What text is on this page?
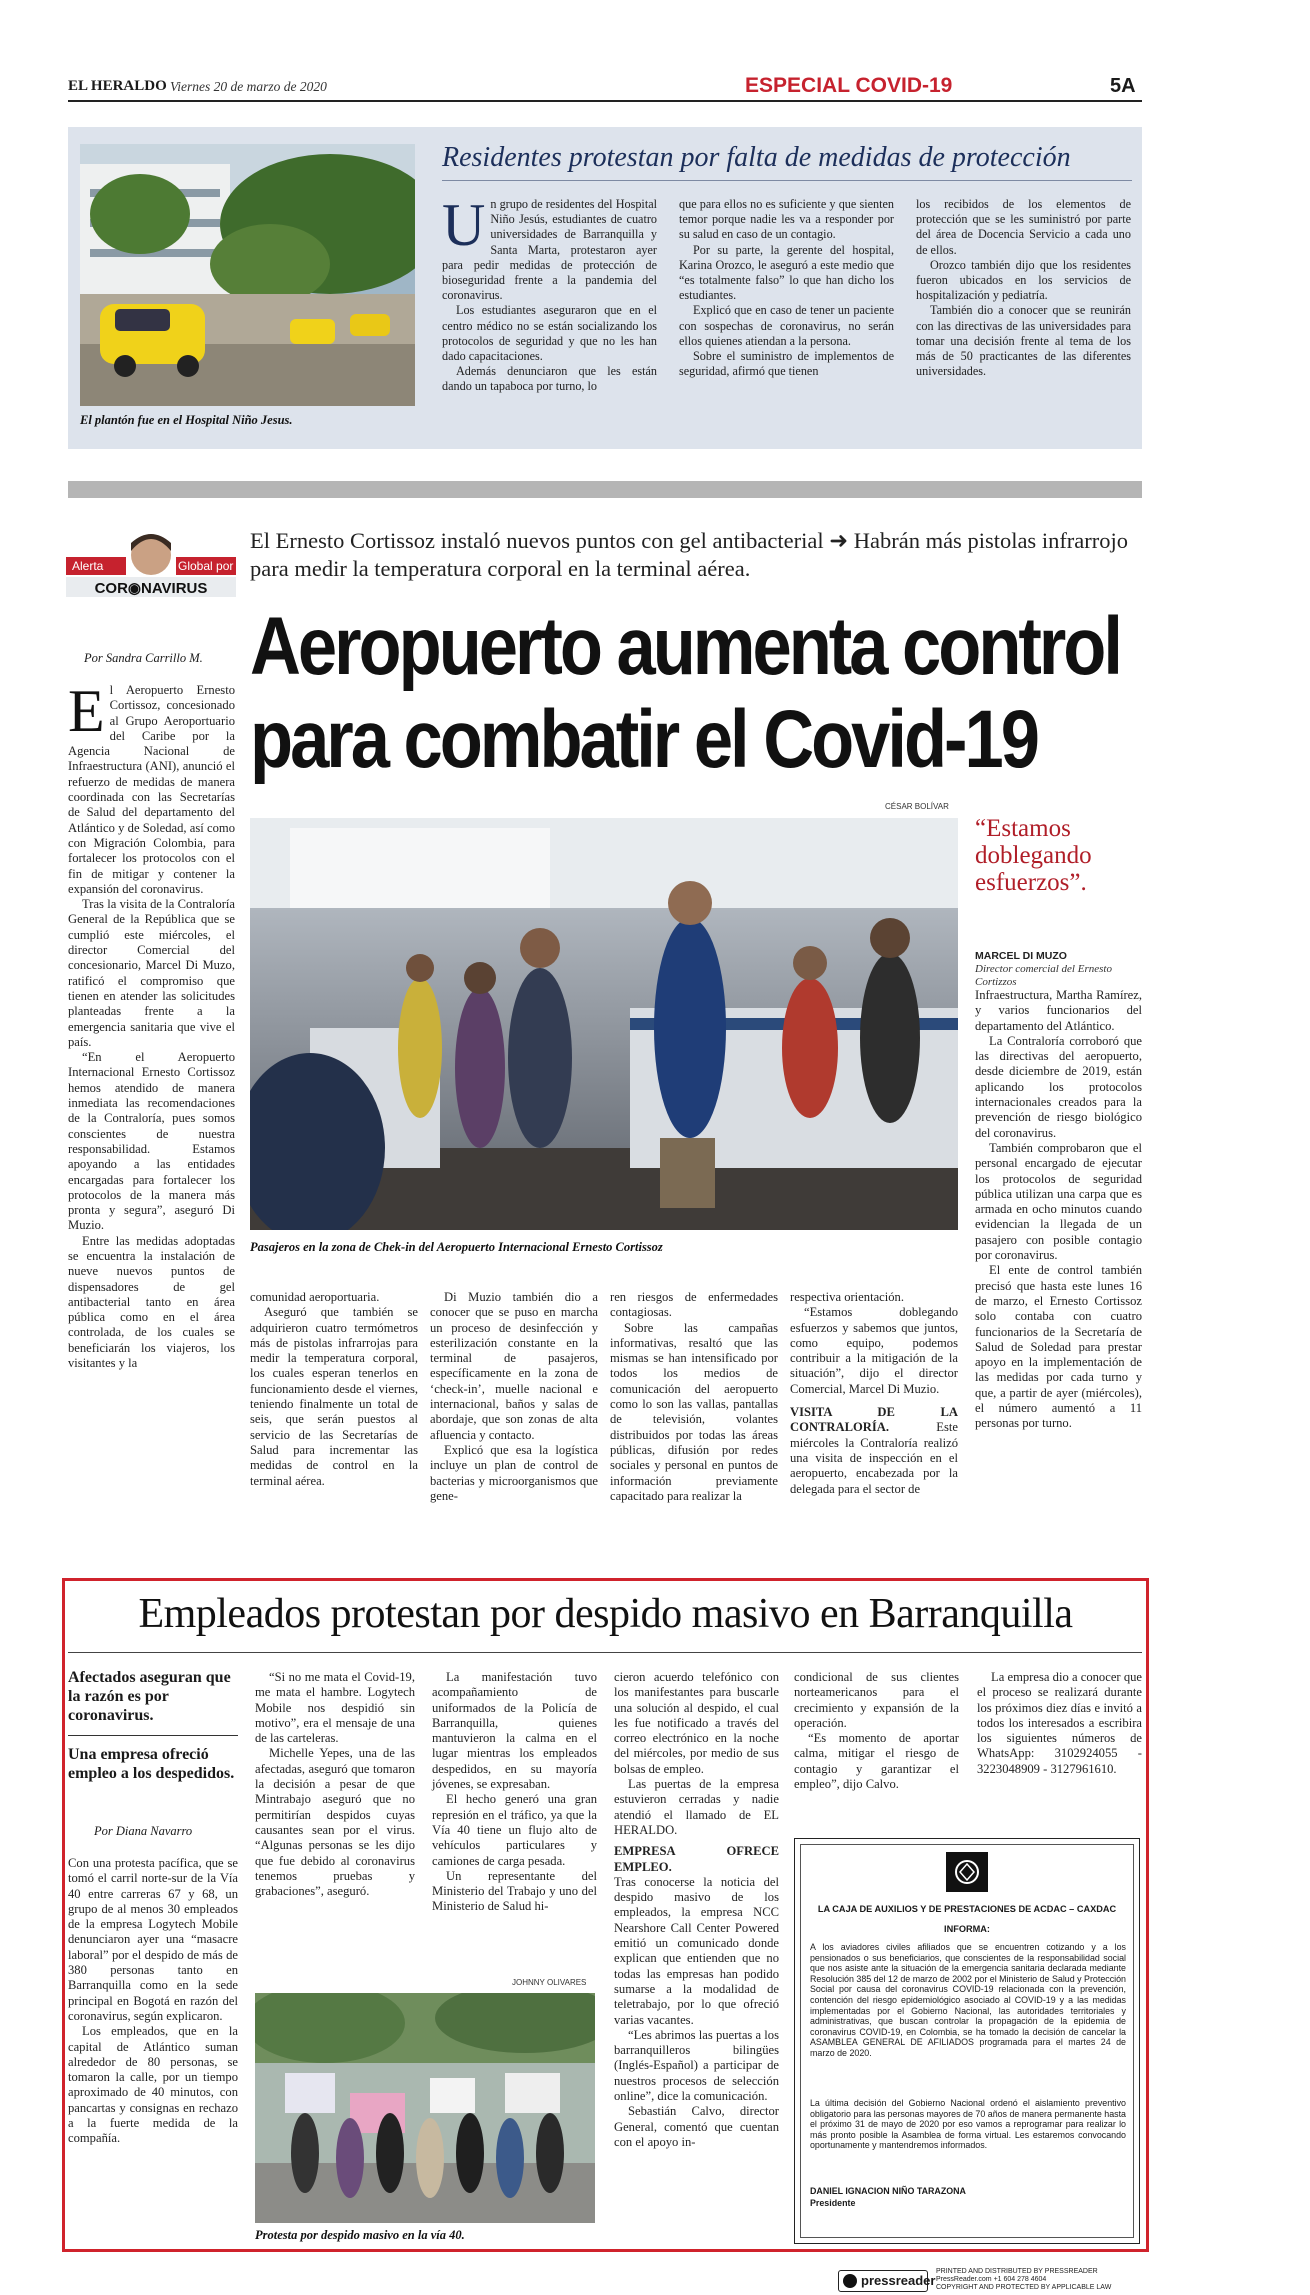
EL HERALDO Viernes 20 de marzo de 2020	ESPECIAL COVID-19	5A
El plantón fue en el Hospital Niño Jesus.
Residentes protestan por falta de medidas de protección
U n grupo de residentes del Hospital Niño Jesús, estudiantes de cuatro universidades de Barranquilla y Santa Marta, protestaron ayer para pedir medidas de protección de bioseguridad frente a la pandemia del coronavirus.

Los estudiantes aseguraron que en el centro médico no se están socializando los protocolos de seguridad y que no les han dado capacitaciones.

Además denunciaron que les están dando un tapaboca por turno, lo

que para ellos no es suficiente y que sienten temor porque nadie les va a responder por su salud en caso de un contagio.

Por su parte, la gerente del hospital, Karina Orozco, le aseguró a este medio que “es totalmente falso” lo que han dicho los estudiantes.

Explicó que en caso de tener un paciente con sospechas de coronavirus, no serán ellos quienes atiendan a la persona.

Sobre el suministro de implementos de seguridad, afirmó que tienen

los recibidos de los elementos de protección que se les suministró por parte del área de Docencia Servicio a cada uno de ellos.

Orozco también dijo que los residentes fueron ubicados en los servicios de hospitalización y pediatría.

También dio a conocer que se reunirán con las directivas de las universidades para tomar una decisión frente al tema de los más de 50 practicantes de las diferentes universidades.

Alerta	Global por
COR◉NAVIRUS
El Ernesto Cortissoz instaló nuevos puntos con gel antibacterial ➜ Habrán más pistolas infrarrojo para medir la temperatura corporal en la terminal aérea.
Por Sandra Carrillo M. Aeropuerto aumenta control
para combatir el Covid-19
CÉSAR BOLÍVAR
Pasajeros en la zona de Chek-in del Aeropuerto Internacional Ernesto Cortissoz
“Estamos doblegando esfuerzos”.
MARCEL DI MUZO
Director comercial del Ernesto Cortizzos
E l Aeropuerto Ernesto Cortissoz, concesionado al Grupo Aeroportuario del Caribe por la Agencia Nacional de Infraestructura (ANI), anunció el refuerzo de medidas de manera coordinada con las Secretarías de Salud del departamento del Atlántico y de Soledad, así como con Migración Colombia, para fortalecer los protocolos con el fin de mitigar y contener la expansión del coronavirus.

Tras la visita de la Contraloría General de la República que se cumplió este miércoles, el director Comercial del concesionario, Marcel Di Muzo, ratificó el compromiso que tienen en atender las solicitudes planteadas frente a la emergencia sanitaria que vive el país.

“En el Aeropuerto Internacional Ernesto Cortissoz hemos atendido de manera inmediata las recomendaciones de la Contraloría, pues somos conscientes de nuestra responsabilidad. Estamos apoyando a las entidades encargadas para fortalecer los protocolos de la manera más pronta y segura”, aseguró Di Muzio.

Entre las medidas adoptadas se encuentra la instalación de nueve nuevos puntos de dispensadores de gel antibacterial tanto en área pública como en el área controlada, de los cuales se beneficiarán los viajeros, los visitantes y la

comunidad aeroportuaria.

Aseguró que también se adquirieron cuatro termómetros más de pistolas infrarrojas para medir la temperatura corporal, los cuales esperan tenerlos en funcionamiento desde el viernes, teniendo finalmente un total de seis, que serán puestos al servicio de las Secretarías de Salud para incrementar las medidas de control en la terminal aérea.

Di Muzio también dio a conocer que se puso en marcha un proceso de desinfección y esterilización constante en la terminal de pasajeros, específicamente en la zona de ‘check-in’, muelle nacional e internacional, baños y salas de abordaje, que son zonas de alta afluencia y contacto.

Explicó que esa la logística incluye un plan de control de bacterias y microorganismos que gene-

ren riesgos de enfermedades contagiosas.

Sobre las campañas informativas, resaltó que las mismas se han intensificado por todos los medios de comunicación del aeropuerto como lo son las vallas, pantallas de televisión, volantes distribuidos por todas las áreas públicas, difusión por redes sociales y personal en puntos de información previamente capacitado para realizar la

respectiva orientación.

“Estamos doblegando esfuerzos y sabemos que juntos, como equipo, podemos contribuir a la mitigación de la situación”, dijo el director Comercial, Marcel Di Muzio.

VISITA DE LA CONTRALORÍA. Este miércoles la Contraloría realizó una visita de inspección en el aeropuerto, encabezada por la delegada para el sector de

Infraestructura, Martha Ramírez, y varios funcionarios del departamento del Atlántico.

La Contraloría corroboró que las directivas del aeropuerto, desde diciembre de 2019, están aplicando los protocolos internacionales creados para la prevención de riesgo biológico del coronavirus.

También comprobaron que el personal encargado de ejecutar los protocolos de seguridad pública utilizan una carpa que es armada en ocho minutos cuando evidencian la llegada de un pasajero con posible contagio por coronavirus.

El ente de control también precisó que hasta este lunes 16 de marzo, el Ernesto Cortissoz solo contaba con cuatro funcionarios de la Secretaría de Salud de Soledad para prestar apoyo en la implementación de las medidas por cada turno y que, a partir de ayer (miércoles), el número aumentó a 11 personas por turno.

Empleados protestan por despido masivo en Barranquilla
Afectados aseguran que la razón es por coronavirus.
Una empresa ofreció empleo a los despedidos.
Por Diana Navarro

Con una protesta pacífica, que se tomó el carril norte-sur de la Vía 40 entre carreras 67 y 68, un grupo de al menos 30 empleados de la empresa Logytech Mobile denunciaron ayer una “masacre laboral” por el despido de más de 380 personas tanto en Barranquilla como en la sede principal en Bogotá en razón del coronavirus, según explicaron.

Los empleados, que en la capital de Atlántico suman alrededor de 80 personas, se tomaron la calle, por un tiempo aproximado de 40 minutos, con pancartas y consignas en rechazo a la fuerte medida de la compañía.

“Si no me mata el Covid-19, me mata el hambre. Logytech Mobile nos despidió sin motivo”, era el mensaje de una de las carteleras.

Michelle Yepes, una de las afectadas, aseguró que tomaron la decisión a pesar de que Mintrabajo aseguró que no permitirían despidos cuyas causantes sean por el virus. “Algunas personas se les dijo que fue debido al coronavirus tenemos pruebas y grabaciones”, aseguró.

La manifestación tuvo acompañamiento de uniformados de la Policía de Barranquilla, quienes mantuvieron la calma en el lugar mientras los empleados despedidos, en su mayoría jóvenes, se expresaban.

El hecho generó una gran represión en el tráfico, ya que la Vía 40 tiene un flujo alto de vehículos particulares y camiones de carga pesada.

Un representante del Ministerio del Trabajo y uno del Ministerio de Salud hi-

cieron acuerdo telefónico con los manifestantes para buscarle una solución al despido, el cual les fue notificado a través del correo electrónico en la noche del miércoles, por medio de sus bolsas de empleo.

Las puertas de la empresa estuvieron cerradas y nadie atendió el llamado de EL HERALDO.

EMPRESA OFRECE EMPLEO.

Tras conocerse la noticia del despido masivo de los empleados, la empresa NCC Nearshore Call Center Powered emitió un comunicado donde explican que entienden que no todas las empresas han podido sumarse a la modalidad de teletrabajo, por lo que ofreció varias vacantes.

“Les abrimos las puertas a los barranquilleros bilingües (Inglés-Español) a participar de nuestros procesos de selección online”, dice la comunicación.

Sebastián Calvo, director General, comentó que cuentan con el apoyo in-

condicional de sus clientes norteamericanos para el crecimiento y expansión de la operación.

“Es momento de aportar calma, mitigar el riesgo de contagio y garantizar el empleo”, dijo Calvo.

La empresa dio a conocer que el proceso se realizará durante los próximos diez días e invitó a todos los interesados a escribira los siguientes números de WhatsApp: 3102924055 - 3223048909 - 3127961610.

JOHNNY OLIVARES
Protesta por despido masivo en la vía 40.
LA CAJA DE AUXILIOS Y DE PRESTACIONES DE ACDAC – CAXDAC
INFORMA:
A los aviadores civiles afiliados que se encuentren cotizando y a los pensionados o sus beneficiarios, que conscientes de la responsabilidad social que nos asiste ante la situación de la emergencia sanitaria declarada mediante Resolución 385 del 12 de marzo de 2002 por el Ministerio de Salud y Protección Social por causa del coronavirus COVID-19 relacionada con la prevención, contención del riesgo epidemiológico asociado al COVID-19 y a las medidas implementadas por el Gobierno Nacional, las autoridades territoriales y administrativas, que buscan controlar la propagación de la epidemia de coronavirus COVID-19, en Colombia, se ha tomado la decisión de cancelar la ASAMBLEA GENERAL DE AFILIADOS programada para el martes 24 de marzo de 2020.
La última decisión del Gobierno Nacional ordenó el aislamiento preventivo obligatorio para las personas mayores de 70 años de manera permanente hasta el próximo 31 de mayo de 2020 por eso vamos a reprogramar para realizar lo más pronto posible la Asamblea de forma virtual. Les estaremos convocando oportunamente y mantendremos informados.
DANIEL IGNACION NIÑO TARAZONA
Presidente
pressreader
PRINTED AND DISTRIBUTED BY PRESSREADER
PressReader.com +1 604 278 4604
COPYRIGHT AND PROTECTED BY APPLICABLE LAW
